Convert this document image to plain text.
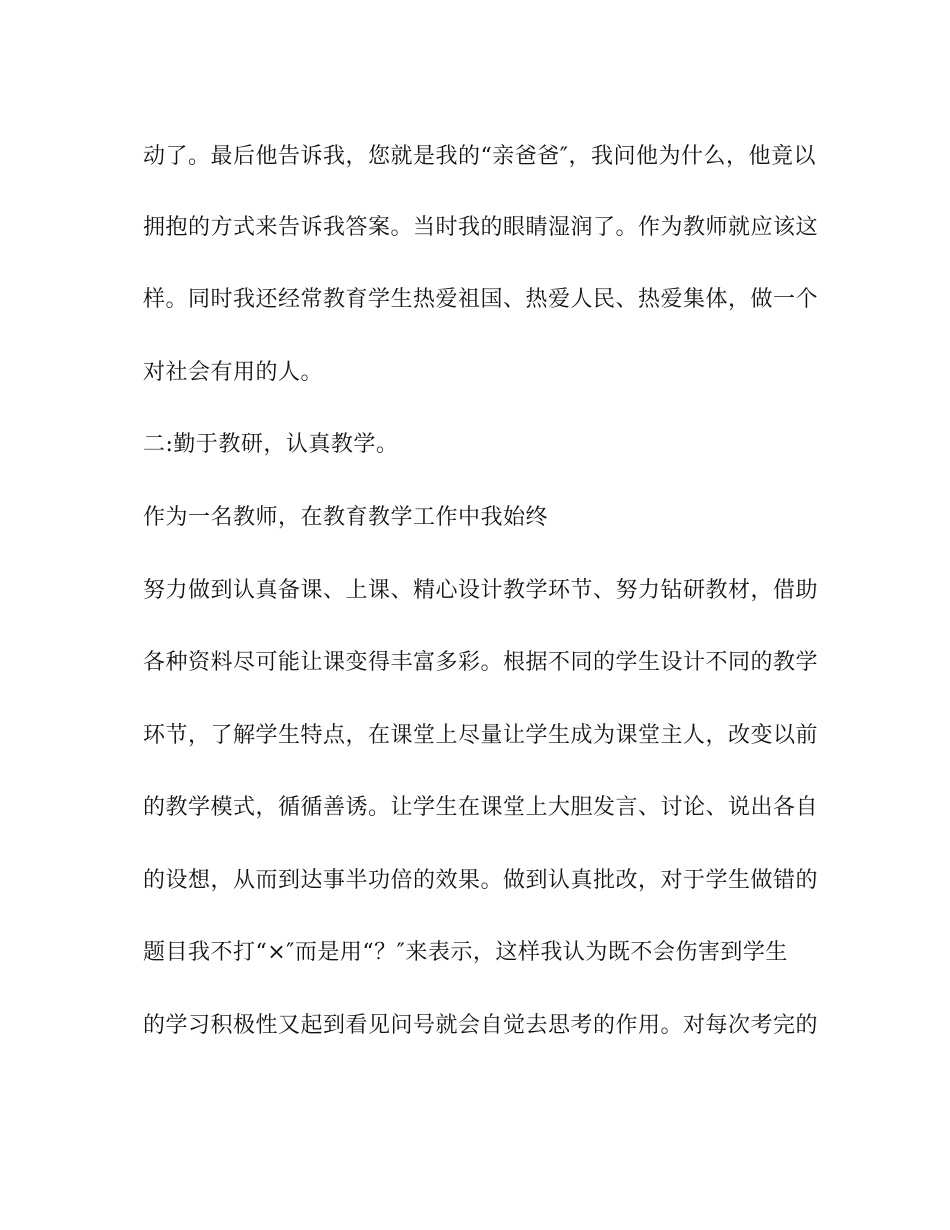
动了。最后他告诉我，您就是我的“亲爸爸″，我问他为什么，他竟以
拥抱的方式来告诉我答案。当时我的眼睛湿润了。作为教师就应该这
样。同时我还经常教育学生热爱祖国、热爱人民、热爱集体，做一个
对社会有用的人。
二:勤于教研，认真教学。
作为一名教师，在教育教学工作中我始终
努力做到认真备课、上课、精心设计教学环节、努力钻研教材，借助
各种资料尽可能让课变得丰富多彩。根据不同的学生设计不同的教学
环节，了解学生特点，在课堂上尽量让学生成为课堂主人，改变以前
的教学模式，循循善诱。让学生在课堂上大胆发言、讨论、说出各自
的设想，从而到达事半功倍的效果。做到认真批改，对于学生做错的
题目我不打“×″而是用“？″来表示，这样我认为既不会伤害到学生
的学习积极性又起到看见问号就会自觉去思考的作用。对每次考完的
